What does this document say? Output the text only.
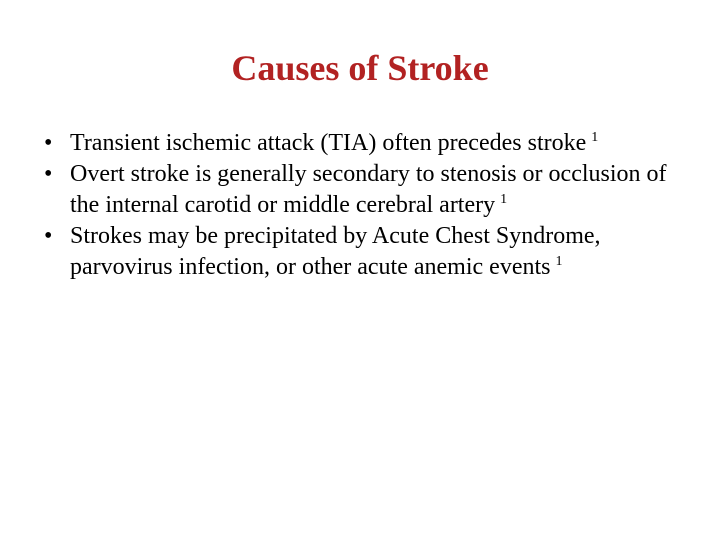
Causes of Stroke
• Transient ischemic attack (TIA) often precedes stroke $^1$
• Overt stroke is generally secondary to stenosis or occlusion of the internal carotid or middle cerebral artery $^1$
• Strokes may be precipitated by Acute Chest Syndrome, parvovirus infection, or other acute anemic events $^1$
